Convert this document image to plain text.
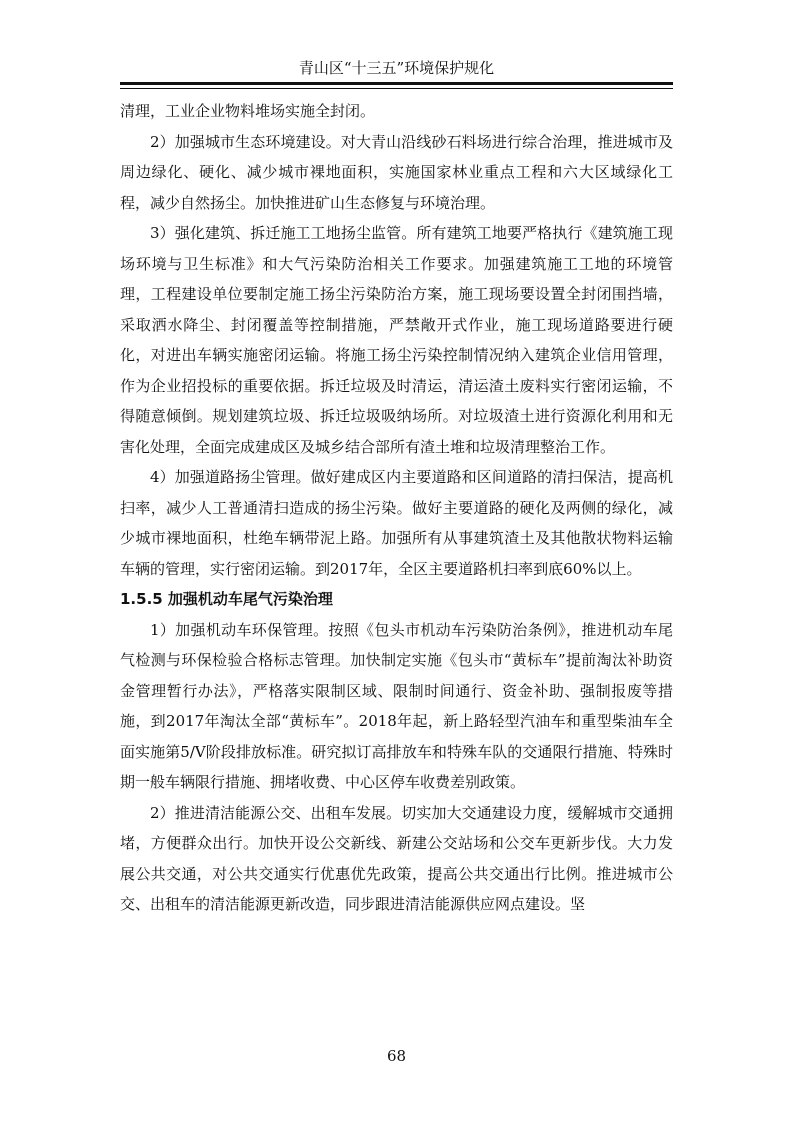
青山区“十三五”环境保护规化

清理，工业企业物料堆场实施全封闭。

2）加强城市生态环境建设。对大青山沿线砂石料场进行综合治理，推进城市及周边绿化、硬化、减少城市裸地面积，实施国家林业重点工程和六大区域绿化工程，减少自然扬尘。加快推进矿山生态修复与环境治理。

3）强化建筑、拆迁施工工地扬尘监管。所有建筑工地要严格执行《建筑施工现场环境与卫生标准》和大气污染防治相关工作要求。加强建筑施工工地的环境管理，工程建设单位要制定施工扬尘污染防治方案，施工现场要设置全封闭围挡墙，采取洒水降尘、封闭覆盖等控制措施，严禁敞开式作业，施工现场道路要进行硬化，对进出车辆实施密闭运输。将施工扬尘污染控制情况纳入建筑企业信用管理，作为企业招投标的重要依据。拆迁垃圾及时清运，清运渣土废料实行密闭运输，不得随意倾倒。规划建筑垃圾、拆迁垃圾吸纳场所。对垃圾渣土进行资源化利用和无害化处理，全面完成建成区及城乡结合部所有渣土堆和垃圾清理整治工作。

4）加强道路扬尘管理。做好建成区内主要道路和区间道路的清扫保洁，提高机扫率，减少人工普通清扫造成的扬尘污染。做好主要道路的硬化及两侧的绿化，减少城市裸地面积，杜绝车辆带泥上路。加强所有从事建筑渣土及其他散状物料运输车辆的管理，实行密闭运输。到2017年，全区主要道路机扫率到底60%以上。

1.5.5 加强机动车尾气污染治理

1）加强机动车环保管理。按照《包头市机动车污染防治条例》，推进机动车尾气检测与环保检验合格标志管理。加快制定实施《包头市“黄标车”提前淘汰补助资金管理暂行办法》，严格落实限制区域、限制时间通行、资金补助、强制报废等措施，到2017年淘汰全部“黄标车”。2018年起，新上路轻型汽油车和重型柴油车全面实施第5/V阶段排放标准。研究拟订高排放车和特殊车队的交通限行措施、特殊时期一般车辆限行措施、拥堵收费、中心区停车收费差别政策。

2）推进清洁能源公交、出租车发展。切实加大交通建设力度，缓解城市交通拥堵，方便群众出行。加快开设公交新线、新建公交站场和公交车更新步伐。大力发展公共交通，对公共交通实行优惠优先政策，提高公共交通出行比例。推进城市公交、出租车的清洁能源更新改造，同步跟进清洁能源供应网点建设。坚

68
